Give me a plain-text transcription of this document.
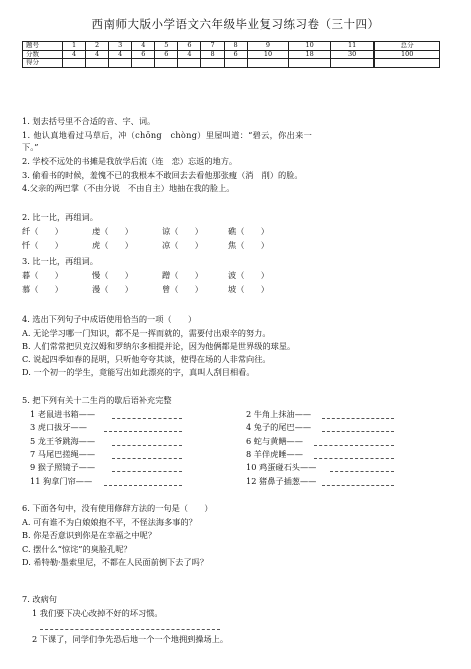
西南师大版小学语文六年级毕业复习练习卷（三十四）
题号	1	2	3	4	5	6	7	8	9	10	11	总分
分数	4	4	4	6	6	4	8	6	10	18	30	100
得分												
1. 划去括号里不合适的音、字、词。
1. 他认真地看过马草后，冲（chōng　chòng）里屋叫道：“碧云，你出来一
下。”
2. 学校不远处的书摊是我放学后流（连　恋）忘返的地方。
3. 偷看书的时候，羞愧不已的我根本不敢回去去看他那张瘦（消　削）的脸。
4.父亲的两巴掌（不由分说　不由自主）地抽在我的脸上。
2. 比一比，再组词。
纤（　　）	虔（　　）	谅（　　）	礁（　　）
忏（　　）	虎（　　）	凉（　　）	焦（　　）
3. 比一比，再组词。
暮（　　）	慢（　　）	蹭（　　）	波（　　）
慕（　　）	漫（　　）	曾（　　）	坡（　　）
4. 选出下列句子中成语使用恰当的一项（　　）
A. 无论学习哪一门知识，都不是一挥而就的，需要付出艰辛的努力。
B. 人们常常把贝克汉姆和罗纳尔多相提并论，因为他俩都是世界级的球星。
C. 说起四季如春的昆明，只听他夸夸其谈，使得在场的人非常向往。
D. 一个初一的学生，竟能写出如此漂亮的字，真叫人刮目相看。
5. 把下列有关十二生肖的歇后语补充完整
1 老鼠进书箱——	2 牛角上抹油——
3 虎口拔牙——	4 兔子的尾巴——
5 龙王爷跳海——	6 蛇与黄鳝——
7 马尾巴搓绳——	8 羊伴虎睡——
9 猴子照镜子——	10 鸡蛋碰石头——
11 狗拿门帘——	12 猪鼻子插葱——
6. 下面各句中，没有使用修辞方法的一句是（　　）
A. 可有谁不为白娘娘抱不平，不怪法海多事的？
B. 你是否意识到你是在幸福之中呢？
C. 摆什么“惊诧”的臭脸孔呢？
D. 希特勒·墨索里尼，不都在人民面前倒下去了吗？
7. 改病句
1 我们要下决心改掉不好的坏习惯。
2 下课了，同学们争先恐后地一个一个地拥到操场上。
